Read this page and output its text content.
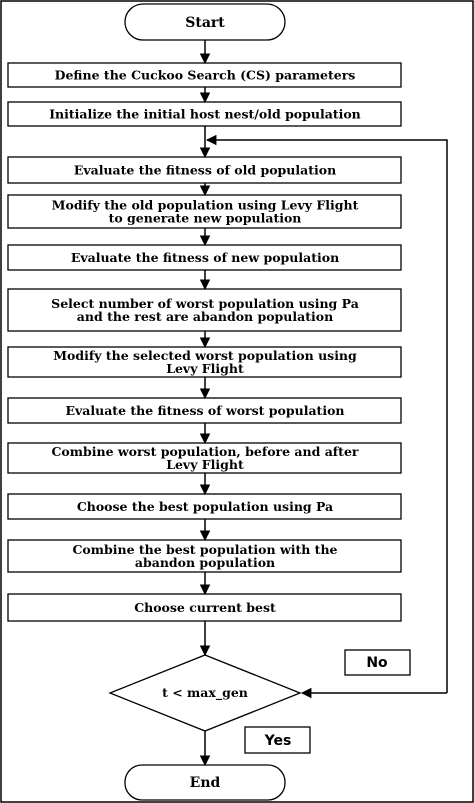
Start
Define the Cuckoo Search (CS) parameters
Initialize the initial host nest/old population
Evaluate the fitness of old population
Modify the old population using Levy Flight
to generate new population
Evaluate the fitness of new population
Select number of worst population using Pa
and the rest are abandon population
Modify the selected worst population using
Levy Flight
Evaluate the fitness of worst population
Combine worst population, before and after
Levy Flight
Choose the best population using Pa
Combine the best population with the
abandon population
Choose current best
t < max_gen
No
Yes
End
